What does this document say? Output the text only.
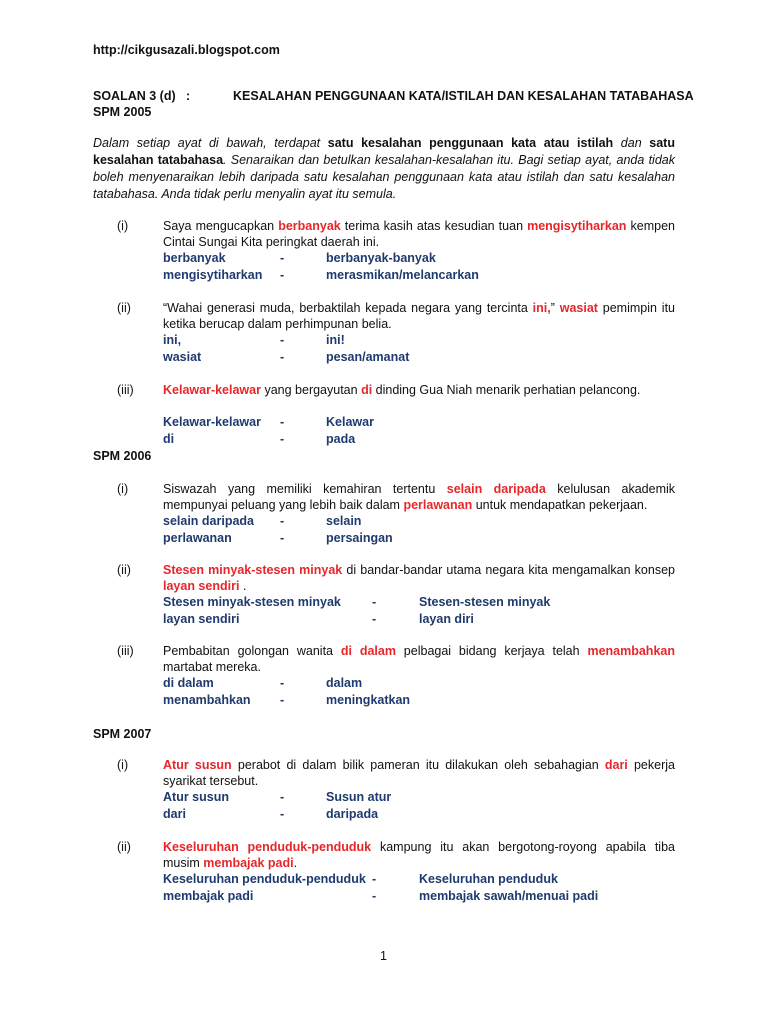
http://cikgusazali.blogspot.com
SOALAN 3 (d) :	KESALAHAN PENGGUNAAN KATA/ISTILAH DAN KESALAHAN TATABAHASA
SPM 2005
Dalam setiap ayat di bawah, terdapat satu kesalahan penggunaan kata atau istilah dan satu kesalahan tatabahasa. Senaraikan dan betulkan kesalahan-kesalahan itu. Bagi setiap ayat, anda tidak boleh menyenaraikan lebih daripada satu kesalahan penggunaan kata atau istilah dan satu kesalahan tatabahasa. Anda tidak perlu menyalin ayat itu semula.
(i)	Saya mengucapkan berbanyak terima kasih atas kesudian tuan mengisytiharkan kempen Cintai Sungai Kita peringkat daerah ini.
berbanyak	-	berbanyak-banyak
mengisytiharkan -	merasmikan/melancarkan
(ii)	“Wahai generasi muda, berbaktilah kepada negara yang tercinta ini,” wasiat pemimpin itu ketika berucap dalam perhimpunan belia.
ini,	-	ini!
wasiat	-	pesan/amanat
(iii) Kelawar-kelawar yang bergayutan di dinding Gua Niah menarik perhatian pelancong.
Kelawar-kelawar -	Kelawar
di	-	pada
SPM 2006
(i)	Siswazah yang memiliki kemahiran tertentu selain daripada kelulusan akademik mempunyai peluang yang lebih baik dalam perlawanan untuk mendapatkan pekerjaan.
selain daripada -	selain
perlawanan	-	persaingan
(ii)	Stesen minyak-stesen minyak di bandar-bandar utama negara kita mengamalkan konsep layan sendiri .
Stesen minyak-stesen minyak -	Stesen-stesen minyak
layan sendiri	-	layan diri
(iii) Pembabitan golongan wanita di dalam pelbagai bidang kerjaya telah menambahkan martabat mereka.
di dalam	-	dalam
menambahkan -	meningkatkan
SPM 2007
(i)	Atur susun perabot di dalam bilik pameran itu dilakukan oleh sebahagian dari pekerja syarikat tersebut.
Atur susun	-	Susun atur
dari	-	daripada
(ii)	Keseluruhan penduduk-penduduk kampung itu akan bergotong-royong apabila tiba musim membajak padi.
Keseluruhan penduduk-penduduk -	Keseluruhan penduduk
membajak padi	-	membajak sawah/menuai padi
1
